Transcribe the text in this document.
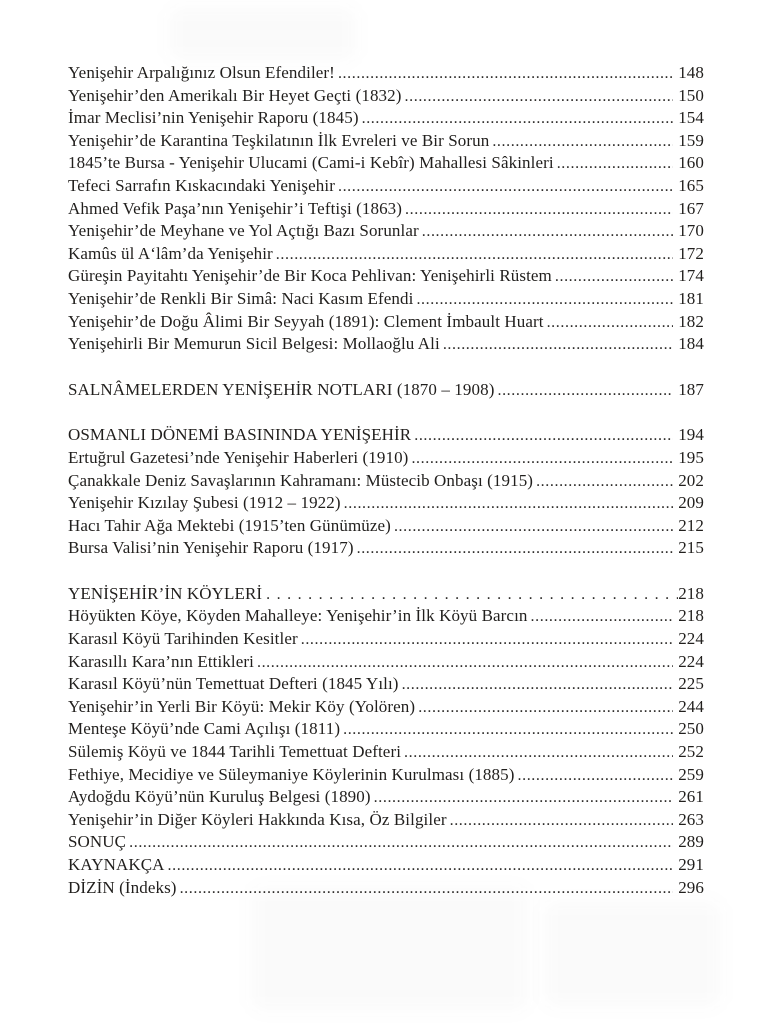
Yenişehir Arpalığınız Olsun Efendiler! .....	148
Yenişehir’den Amerikalı Bir Heyet Geçti (1832) .....	150
İmar Meclisi’nin Yenişehir Raporu (1845) .....	154
Yenişehir’de Karantina Teşkilatının İlk Evreleri ve Bir Sorun .....	159
1845’te Bursa - Yenişehir Ulucami (Cami-i Kebîr) Mahallesi Sâkinleri .....	160
Tefeci Sarrafın Kıskacındaki Yenişehir .....	165
Ahmed Vefik Paşa’nın Yenişehir’i Teftişi (1863) .....	167
Yenişehir’de Meyhane ve Yol Açtığı Bazı Sorunlar .....	170
Kamûs ül A‘lâm’da Yenişehir .....	172
Güreşin Payitahtı Yenişehir’de Bir Koca Pehlivan: Yenişehirli Rüstem .....	174
Yenişehir’de Renkli Bir Simâ: Naci Kasım Efendi .....	181
Yenişehir’de Doğu Âlimi Bir Seyyah (1891): Clement İmbault Huart .....	182
Yenişehirli Bir Memurun Sicil Belgesi: Mollaoğlu Ali .....	184
SALNÂMELERDEN YENİŞEHİR NOTLARI (1870 – 1908) .....	187
OSMANLI DÖNEMİ BASININDA YENİŞEHİR .....	194
Ertuğrul Gazetesi’nde Yenişehir Haberleri (1910) .....	195
Çanakkale Deniz Savaşlarının Kahramanı: Müstecib Onbaşı (1915) .....	202
Yenişehir Kızılay Şubesi (1912 – 1922) .....	209
Hacı Tahir Ağa Mektebi (1915’ten Günümüze) .....	212
Bursa Valisi’nin Yenişehir Raporu (1917) .....	215
YENİŞEHİR’İN KÖYLERİ .....	218
Höyükten Köye, Köyden Mahalleye: Yenişehir’in İlk Köyü Barcın .....	218
Karasıl Köyü Tarihinden Kesitler .....	224
Karasıllı Kara’nın Ettikleri .....	224
Karasıl Köyü’nün Temettuat Defteri (1845 Yılı) .....	225
Yenişehir’in Yerli Bir Köyü: Mekir Köy (Yolören) .....	244
Menteşe Köyü’nde Cami Açılışı (1811) .....	250
Sülemiş Köyü ve 1844 Tarihli Temettuat Defteri .....	252
Fethiye, Mecidiye ve Süleymaniye Köylerinin Kurulması (1885) .....	259
Aydoğdu Köyü’nün Kuruluş Belgesi (1890) .....	261
Yenişehir’in Diğer Köyleri Hakkında Kısa, Öz Bilgiler .....	263
SONUÇ .....	289
KAYNAKÇA .....	291
DİZİN (İndeks) .....	296
